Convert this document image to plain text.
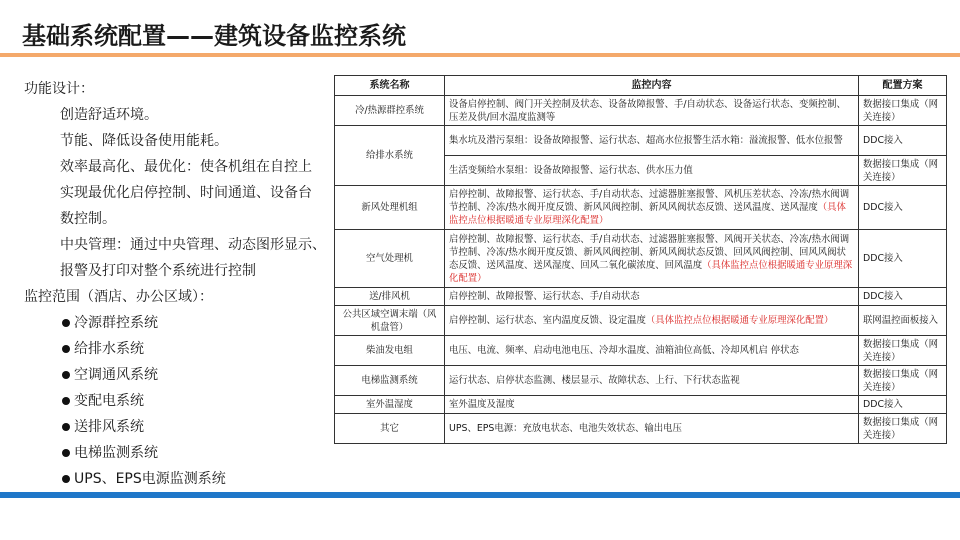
基础系统配置——建筑设备监控系统
功能设计：
创造舒适环境。
节能、降低设备使用能耗。
效率最高化、最优化：使各机组在自控上
实现最优化启停控制、时间通道、设备台
数控制。
中央管理：通过中央管理、动态图形显示、
报警及打印对整个系统进行控制
监控范围（酒店、办公区域）：
冷源群控系统
给排水系统
空调通风系统
变配电系统
送排风系统
电梯监测系统
UPS、EPS电源监测系统
系统名称	监控内容	配置方案
冷/热源群控系统	设备启停控制、阀门开关控制及状态、设备故障报警、手/自动状态、设备运行状态、变频控制、压差及供/回水温度监测等	数据接口集成（网关连接）
给排水系统	集水坑及潜污泵组：设备故障报警、运行状态、超高水位报警生活水箱：溢流报警、低水位报警	DDC接入
	生活变频给水泵组：设备故障报警、运行状态、供水压力值	数据接口集成（网关连接）
新风处理机组	启停控制、故障报警、运行状态、手/自动状态、过滤器脏塞报警、风机压差状态、冷冻/热水阀调节控制、冷冻/热水阀开度反馈、新风风阀控制、新风风阀状态反馈、送风温度、送风湿度（具体监控点位根据暖通专业原理深化配置）	DDC接入
空气处理机	启停控制、故障报警、运行状态、手/自动状态、过滤器脏塞报警、风阀开关状态、冷冻/热水阀调节控制、冷冻/热水阀开度反馈、新风风阀控制、新风风阀状态反馈、回风风阀控制、回风风阀状态反馈、送风温度、送风湿度、回风二氧化碳浓度、回风温度（具体监控点位根据暖通专业原理深化配置）	DDC接入
送/排风机	启停控制、故障报警、运行状态、手/自动状态	DDC接入
公共区域空调末端（风机盘管）	启停控制、运行状态、室内温度反馈、设定温度（具体监控点位根据暖通专业原理深化配置）	联网温控面板接入
柴油发电组	电压、电流、频率、启动电池电压、冷却水温度、油箱油位高低、冷却风机启 停状态	数据接口集成（网关连接）
电梯监测系统	运行状态、启停状态监测、楼层显示、故障状态、上行、下行状态监视	数据接口集成（网关连接）
室外温湿度	室外温度及湿度	DDC接入
其它	UPS、EPS电源：充放电状态、电池失效状态、输出电压	数据接口集成（网关连接）
